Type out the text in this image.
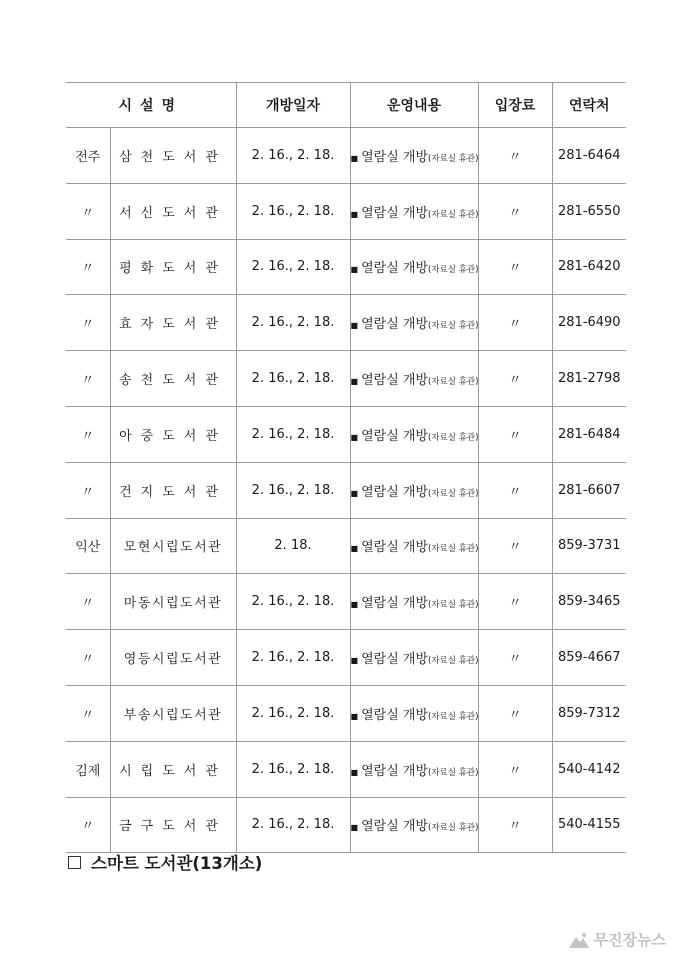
시설명		개방일자	운영내용	입장료	연락처
전주	삼천도서관	2. 16., 2. 18.	■ 열람실 개방(자료실 휴관)	〃	281-6464
〃	서신도서관	2. 16., 2. 18.	■ 열람실 개방(자료실 휴관)	〃	281-6550
〃	평화도서관	2. 16., 2. 18.	■ 열람실 개방(자료실 휴관)	〃	281-6420
〃	효자도서관	2. 16., 2. 18.	■ 열람실 개방(자료실 휴관)	〃	281-6490
〃	송천도서관	2. 16., 2. 18.	■ 열람실 개방(자료실 휴관)	〃	281-2798
〃	아중도서관	2. 16., 2. 18.	■ 열람실 개방(자료실 휴관)	〃	281-6484
〃	건지도서관	2. 16., 2. 18.	■ 열람실 개방(자료실 휴관)	〃	281-6607
익산	모현시립도서관	2. 18.	■ 열람실 개방(자료실 휴관)	〃	859-3731
〃	마동시립도서관	2. 16., 2. 18.	■ 열람실 개방(자료실 휴관)	〃	859-3465
〃	영등시립도서관	2. 16., 2. 18.	■ 열람실 개방(자료실 휴관)	〃	859-4667
〃	부송시립도서관	2. 16., 2. 18.	■ 열람실 개방(자료실 휴관)	〃	859-7312
김제	시립도서관	2. 16., 2. 18.	■ 열람실 개방(자료실 휴관)	〃	540-4142
〃	금구도서관	2. 16., 2. 18.	■ 열람실 개방(자료실 휴관)	〃	540-4155
스마트 도서관(13개소)
무진장뉴스
